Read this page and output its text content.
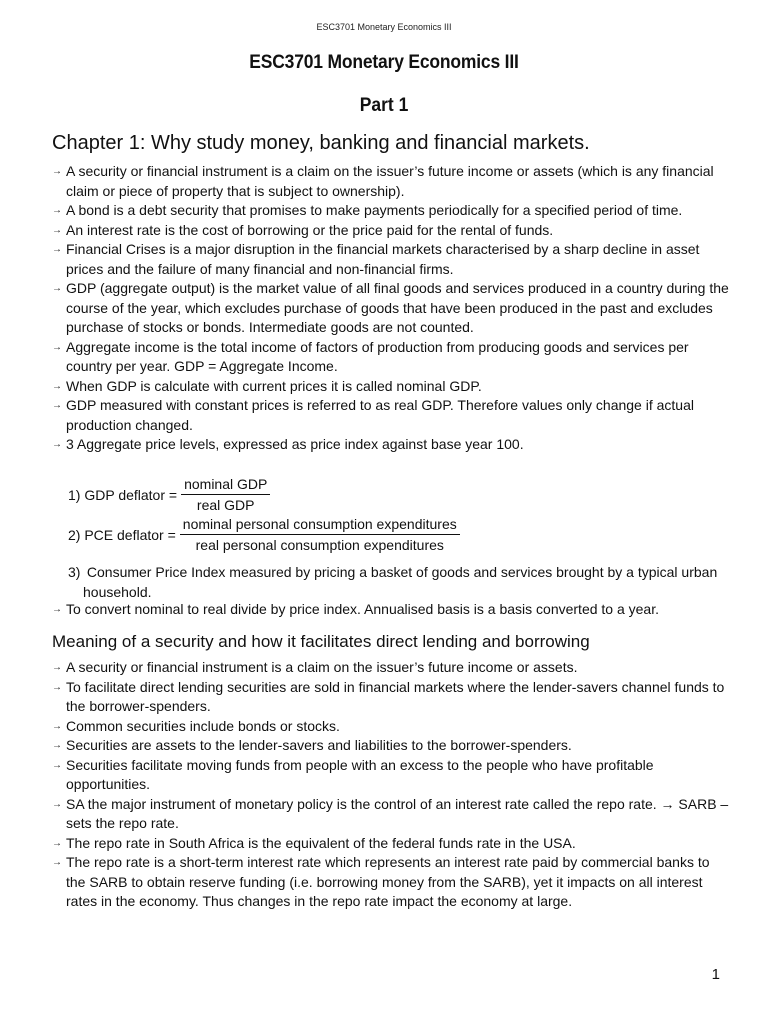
ESC3701 Monetary Economics III
ESC3701 Monetary Economics III
Part 1
Chapter 1: Why study money, banking and financial markets.
→ A security or financial instrument is a claim on the issuer’s future income or assets (which is any financial claim or piece of property that is subject to ownership).
→ A bond is a debt security that promises to make payments periodically for a specified period of time.
→ An interest rate is the cost of borrowing or the price paid for the rental of funds.
→ Financial Crises is a major disruption in the financial markets characterised by a sharp decline in asset prices and the failure of many financial and non-financial firms.
→ GDP (aggregate output) is the market value of all final goods and services produced in a country during the course of the year, which excludes purchase of goods that have been produced in the past and excludes purchase of stocks or bonds. Intermediate goods are not counted.
→ Aggregate income is the total income of factors of production from producing goods and services per country per year. GDP = Aggregate Income.
→ When GDP is calculate with current prices it is called nominal GDP.
→ GDP measured with constant prices is referred to as real GDP. Therefore values only change if actual production changed.
→ 3 Aggregate price levels, expressed as price index against base year 100.
1) GDP deflator = $\frac{\text{nominal GDP}}{\text{real GDP}}$
2) PCE deflator = $\frac{\text{nominal personal consumption expenditures}}{\text{real personal consumption expenditures}}$
3) Consumer Price Index measured by pricing a basket of goods and services brought by a typical urban household.
→ To convert nominal to real divide by price index. Annualised basis is a basis converted to a year.
Meaning of a security and how it facilitates direct lending and borrowing
→ A security or financial instrument is a claim on the issuer’s future income or assets.
→ To facilitate direct lending securities are sold in financial markets where the lender-savers channel funds to the borrower-spenders.
→ Common securities include bonds or stocks.
→ Securities are assets to the lender-savers and liabilities to the borrower-spenders.
→ Securities facilitate moving funds from people with an excess to the people who have profitable opportunities.
→ SA the major instrument of monetary policy is the control of an interest rate called the repo rate. → SARB – sets the repo rate.
→ The repo rate in South Africa is the equivalent of the federal funds rate in the USA.
→ The repo rate is a short-term interest rate which represents an interest rate paid by commercial banks to the SARB to obtain reserve funding (i.e. borrowing money from the SARB), yet it impacts on all interest rates in the economy. Thus changes in the repo rate impact the economy at large.
1
